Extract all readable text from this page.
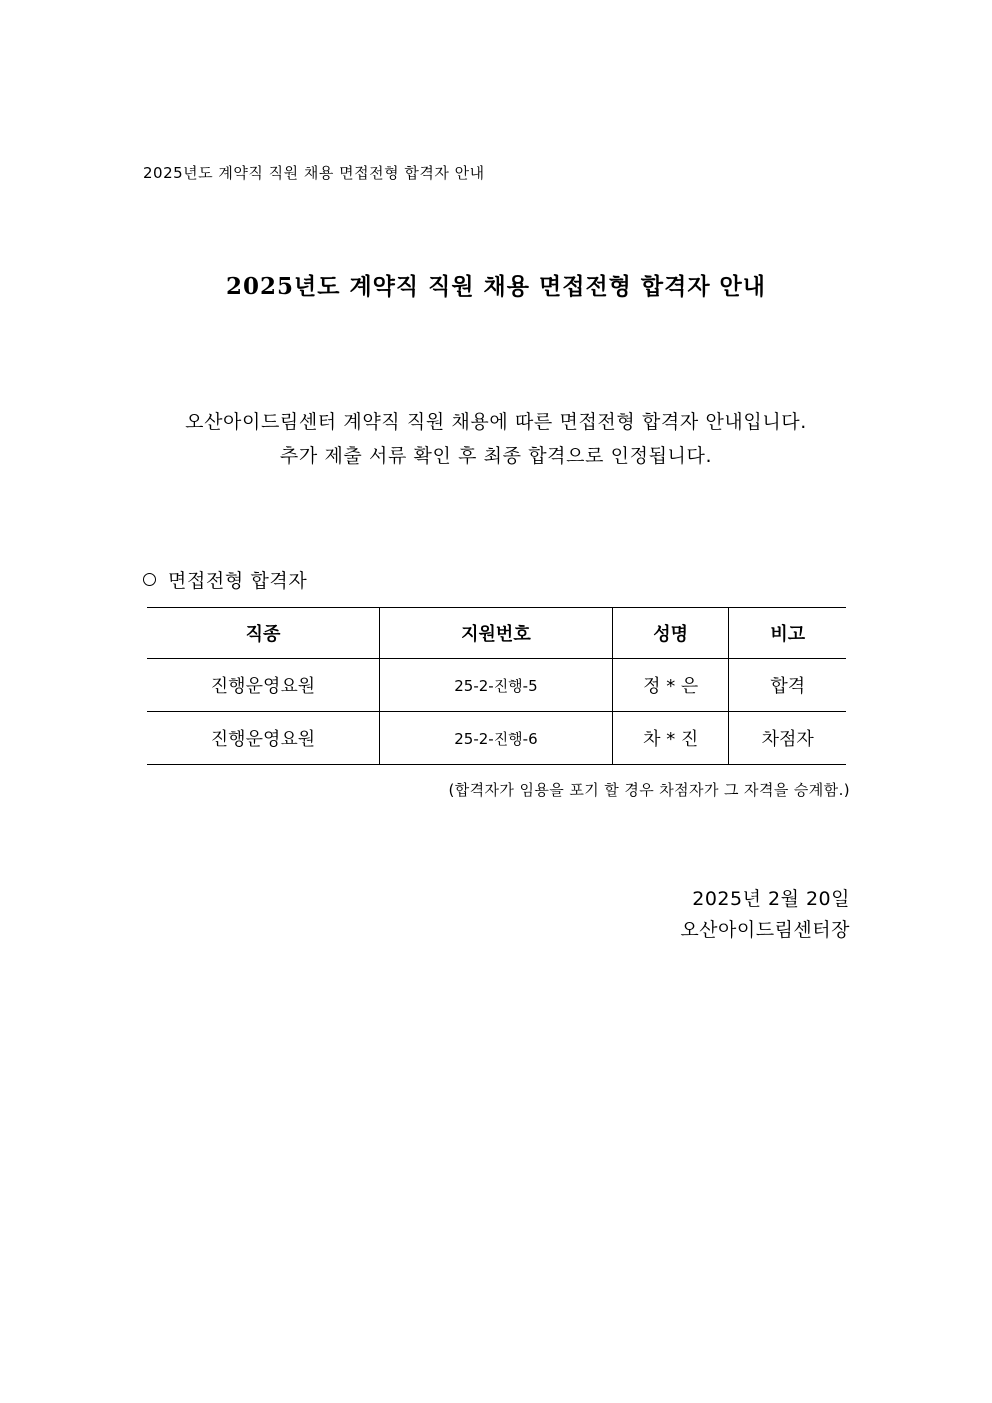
2025년도 계약직 직원 채용 면접전형 합격자 안내
2025년도 계약직 직원 채용 면접전형 합격자 안내
오산아이드림센터 계약직 직원 채용에 따른 면접전형 합격자 안내입니다.
추가 제출 서류 확인 후 최종 합격으로 인정됩니다.
면접전형 합격자
직종	지원번호	성명	비고
진행운영요원	25-2-진행-5	정 * 은	합격
진행운영요원	25-2-진행-6	차 * 진	차점자
(합격자가 임용을 포기 할 경우 차점자가 그 자격을 승계함.)
2025년 2월 20일
오산아이드림센터장
